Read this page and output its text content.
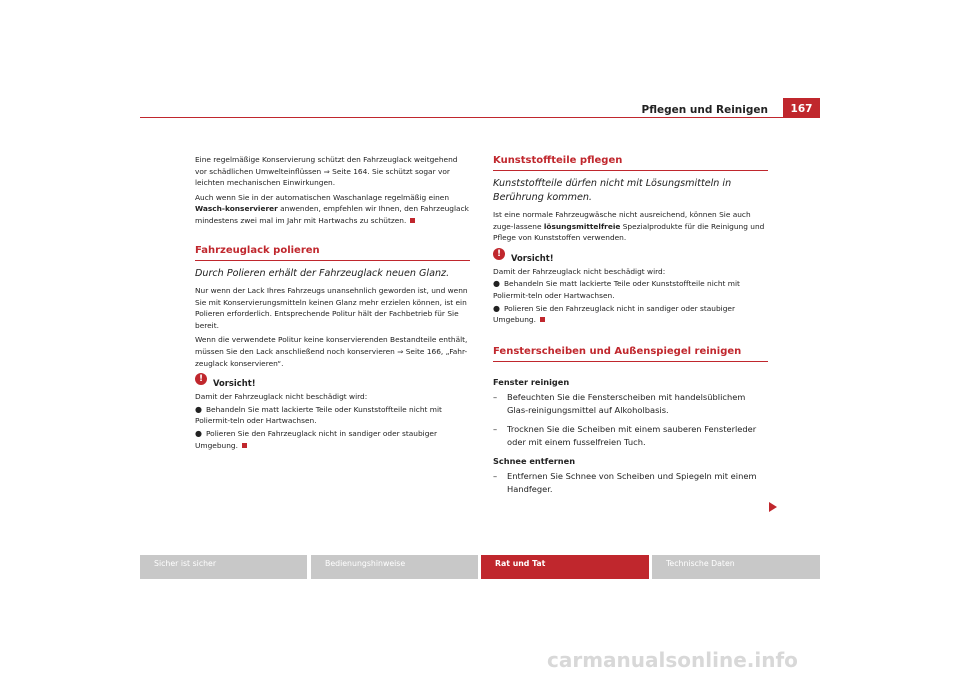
Pflegen und Reinigen	167

Eine regelmäßige Konservierung schützt den Fahrzeuglack weitgehend vor schädlichen Umwelteinflüssen ⇒ Seite 164. Sie schützt sogar vor leichten mechanischen Einwirkungen.

Auch wenn Sie in der automatischen Waschanlage regelmäßig einen Wasch-konservierer anwenden, empfehlen wir Ihnen, den Fahrzeuglack mindestens zwei mal im Jahr mit Hartwachs zu schützen.

Fahrzeuglack polieren
Durch Polieren erhält der Fahrzeuglack neuen Glanz.

Nur wenn der Lack Ihres Fahrzeugs unansehnlich geworden ist, und wenn Sie mit Konservierungsmitteln keinen Glanz mehr erzielen können, ist ein Polieren erforderlich. Entsprechende Politur hält der Fachbetrieb für Sie bereit.

Wenn die verwendete Politur keine konservierenden Bestandteile enthält, müssen Sie den Lack anschließend noch konservieren ⇒ Seite 166, „Fahr-zeuglack konservieren“.

!	Vorsicht!

Damit der Fahrzeuglack nicht beschädigt wird:

● Behandeln Sie matt lackierte Teile oder Kunststoffteile nicht mit Poliermit-teln oder Hartwachsen.

● Polieren Sie den Fahrzeuglack nicht in sandiger oder staubiger Umgebung.

Kunststoffteile pflegen
Kunststoffteile dürfen nicht mit Lösungsmitteln in Berührung kommen.

Ist eine normale Fahrzeugwäsche nicht ausreichend, können Sie auch zuge-lassene lösungsmittelfreie Spezialprodukte für die Reinigung und Pflege von Kunststoffen verwenden.

!	Vorsicht!

Damit der Fahrzeuglack nicht beschädigt wird:

● Behandeln Sie matt lackierte Teile oder Kunststoffteile nicht mit Poliermit-teln oder Hartwachsen.

● Polieren Sie den Fahrzeuglack nicht in sandiger oder staubiger Umgebung.

Fensterscheiben und Außenspiegel reinigen
Fenster reinigen
–	Befeuchten Sie die Fensterscheiben mit handelsüblichem Glas-reinigungsmittel auf Alkoholbasis.
–	Trocknen Sie die Scheiben mit einem sauberen Fensterleder oder mit einem fusselfreien Tuch.
Schnee entfernen
–	Entfernen Sie Schnee von Scheiben und Spiegeln mit einem Handfeger.
Sicher ist sicher	Bedienungshinweise	Rat und Tat	Technische Daten
carmanualsonline.info
